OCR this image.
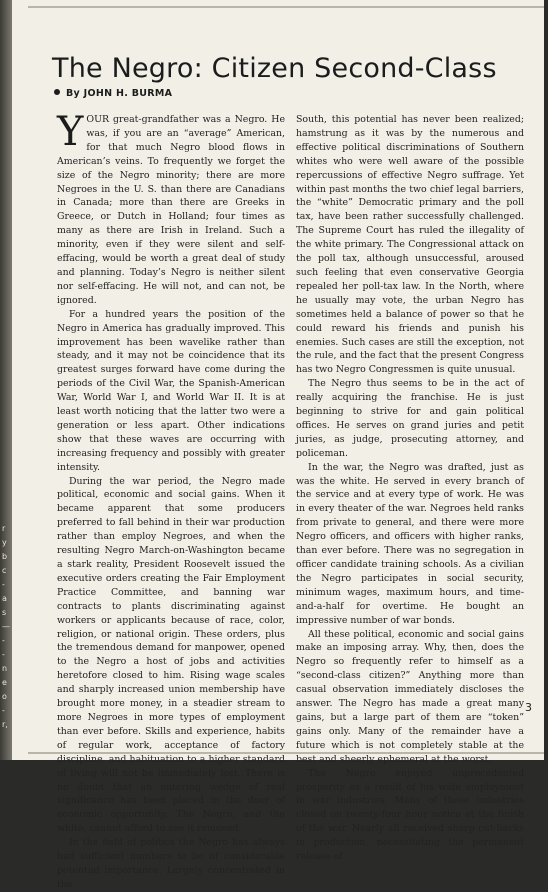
r
y
b
c
-
a
s
—
-
-
n
e
o
-
r,
The Negro: Citizen Second-Class
By JOHN H. BURMA

YOUR great-grandfather was a Negro. He was, if you are an “average” American, for that much Negro blood flows in American’s veins. To frequently we forget the size of the Negro minority; there are more Negroes in the U. S. than there are Canadians in Canada; more than there are Greeks in Greece, or Dutch in Holland; four times as many as there are Irish in Ireland. Such a minority, even if they were silent and self-effacing, would be worth a great deal of study and planning. Today’s Negro is neither silent nor self-effacing. He will not, and can not, be ignored.

For a hundred years the position of the Negro in America has gradually improved. This improvement has been wavelike rather than steady, and it may not be coincidence that its greatest surges forward have come during the periods of the Civil War, the Spanish-American War, World War I, and World War II. It is at least worth noticing that the latter two were a generation or less apart. Other indications show that these waves are occurring with increasing frequency and possibly with greater intensity.

During the war period, the Negro made political, economic and social gains. When it became apparent that some producers preferred to fall behind in their war production rather than employ Negroes, and when the resulting Negro March-on-Washington became a stark reality, President Roosevelt issued the executive orders creating the Fair Employment Practice Committee, and banning war contracts to plants discriminating against workers or applicants because of race, color, religion, or national origin. These orders, plus the tremendous demand for manpower, opened to the Negro a host of jobs and activities heretofore closed to him. Rising wage scales and sharply increased union membership have brought more money, in a steadier stream to more Negroes in more types of employment than ever before. Skills and experience, habits of regular work, acceptance of factory discipline, and habituation to a higher standard of living will not be immediately lost. There is no doubt that an entering wedge of real significance has been placed in the door of economic opportunity. The Negro, and the white, cannot afford to see it removed.

In the field of politics the Negro has always had sufficient numbers to be of considerable potential importance. Largely concentrated in the

South, this potential has never been realized; hamstrung as it was by the numerous and effective political discriminations of Southern whites who were well aware of the possible repercussions of effective Negro suffrage. Yet within past months the two chief legal barriers, the “white” Democratic primary and the poll tax, have been rather successfully challenged. The Supreme Court has ruled the illegality of the white primary. The Congressional attack on the poll tax, although unsuccessful, aroused such feeling that even conservative Georgia repealed her poll-tax law. In the North, where he usually may vote, the urban Negro has sometimes held a balance of power so that he could reward his friends and punish his enemies. Such cases are still the exception, not the rule, and the fact that the present Congress has two Negro Congressmen is quite unusual.

The Negro thus seems to be in the act of really acquiring the franchise. He is just beginning to strive for and gain political offices. He serves on grand juries and petit juries, as judge, prosecuting attorney, and policeman.

In the war, the Negro was drafted, just as was the white. He served in every branch of the service and at every type of work. He was in every theater of the war. Negroes held ranks from private to general, and there were more Negro officers, and officers with higher ranks, than ever before. There was no segregation in officer candidate training schools. As a civilian the Negro participates in social security, minimum wages, maximum hours, and time-and-a-half for overtime. He bought an impressive number of war bonds.

All these political, economic and social gains make an imposing array. Why, then, does the Negro so frequently refer to himself as a “second-class citizen?” Anything more than casual observation immediately discloses the answer. The Negro has made a great many gains, but a large part of them are “token” gains only. Many of the remainder have a future which is not completely stable at the best and sheerly ephemeral at the worst.

The Negro enjoyed unprecedented prosperity as a result of his wide employment in war industries. Many of these industries closed on twenty-four hour notice at the finish of the war. Nearly all received sharp cut-backs in production, necessitating the permanent release of

3
